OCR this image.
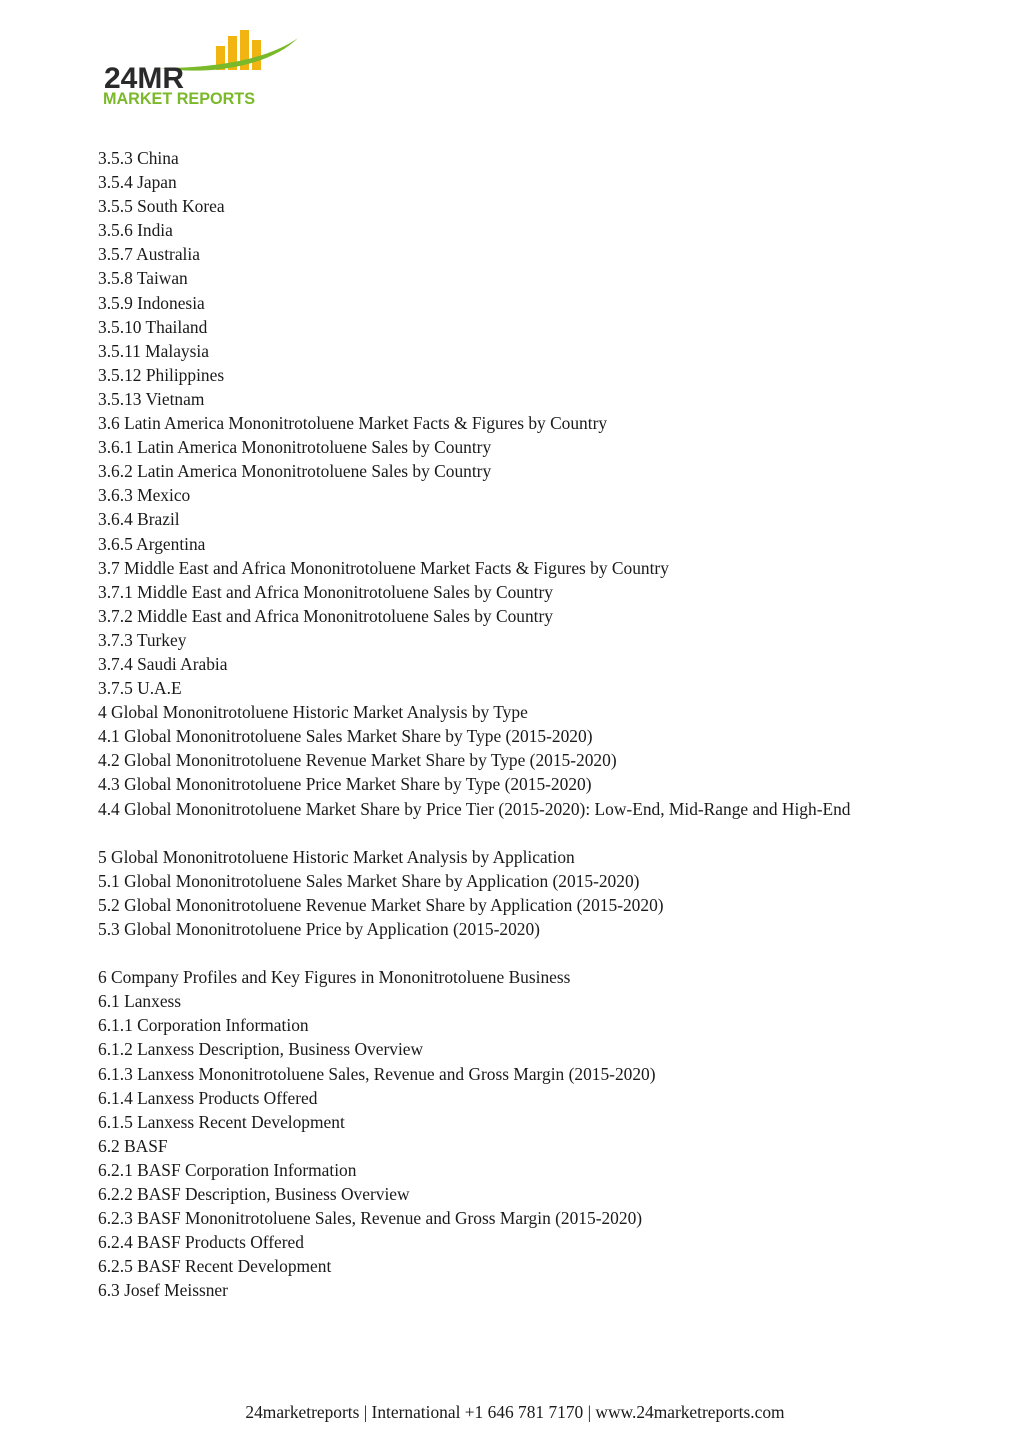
24MR
MARKET REPORTS
3.5.3 China
3.5.4 Japan
3.5.5 South Korea
3.5.6 India
3.5.7 Australia
3.5.8 Taiwan
3.5.9 Indonesia
3.5.10 Thailand
3.5.11 Malaysia
3.5.12 Philippines
3.5.13 Vietnam
3.6 Latin America Mononitrotoluene Market Facts & Figures by Country
3.6.1 Latin America Mononitrotoluene Sales by Country
3.6.2 Latin America Mononitrotoluene Sales by Country
3.6.3 Mexico
3.6.4 Brazil
3.6.5 Argentina
3.7 Middle East and Africa Mononitrotoluene Market Facts & Figures by Country
3.7.1 Middle East and Africa Mononitrotoluene Sales by Country
3.7.2 Middle East and Africa Mononitrotoluene Sales by Country
3.7.3 Turkey
3.7.4 Saudi Arabia
3.7.5 U.A.E
4 Global Mononitrotoluene Historic Market Analysis by Type
4.1 Global Mononitrotoluene Sales Market Share by Type (2015-2020)
4.2 Global Mononitrotoluene Revenue Market Share by Type (2015-2020)
4.3 Global Mononitrotoluene Price Market Share by Type (2015-2020)
4.4 Global Mononitrotoluene Market Share by Price Tier (2015-2020): Low-End, Mid-Range and High-End
5 Global Mononitrotoluene Historic Market Analysis by Application
5.1 Global Mononitrotoluene Sales Market Share by Application (2015-2020)
5.2 Global Mononitrotoluene Revenue Market Share by Application (2015-2020)
5.3 Global Mononitrotoluene Price by Application (2015-2020)
6 Company Profiles and Key Figures in Mononitrotoluene Business
6.1 Lanxess
6.1.1 Corporation Information
6.1.2 Lanxess Description, Business Overview
6.1.3 Lanxess Mononitrotoluene Sales, Revenue and Gross Margin (2015-2020)
6.1.4 Lanxess Products Offered
6.1.5 Lanxess Recent Development
6.2 BASF
6.2.1 BASF Corporation Information
6.2.2 BASF Description, Business Overview
6.2.3 BASF Mononitrotoluene Sales, Revenue and Gross Margin (2015-2020)
6.2.4 BASF Products Offered
6.2.5 BASF Recent Development
6.3 Josef Meissner
24marketreports | International +1 646 781 7170 | www.24marketreports.com
